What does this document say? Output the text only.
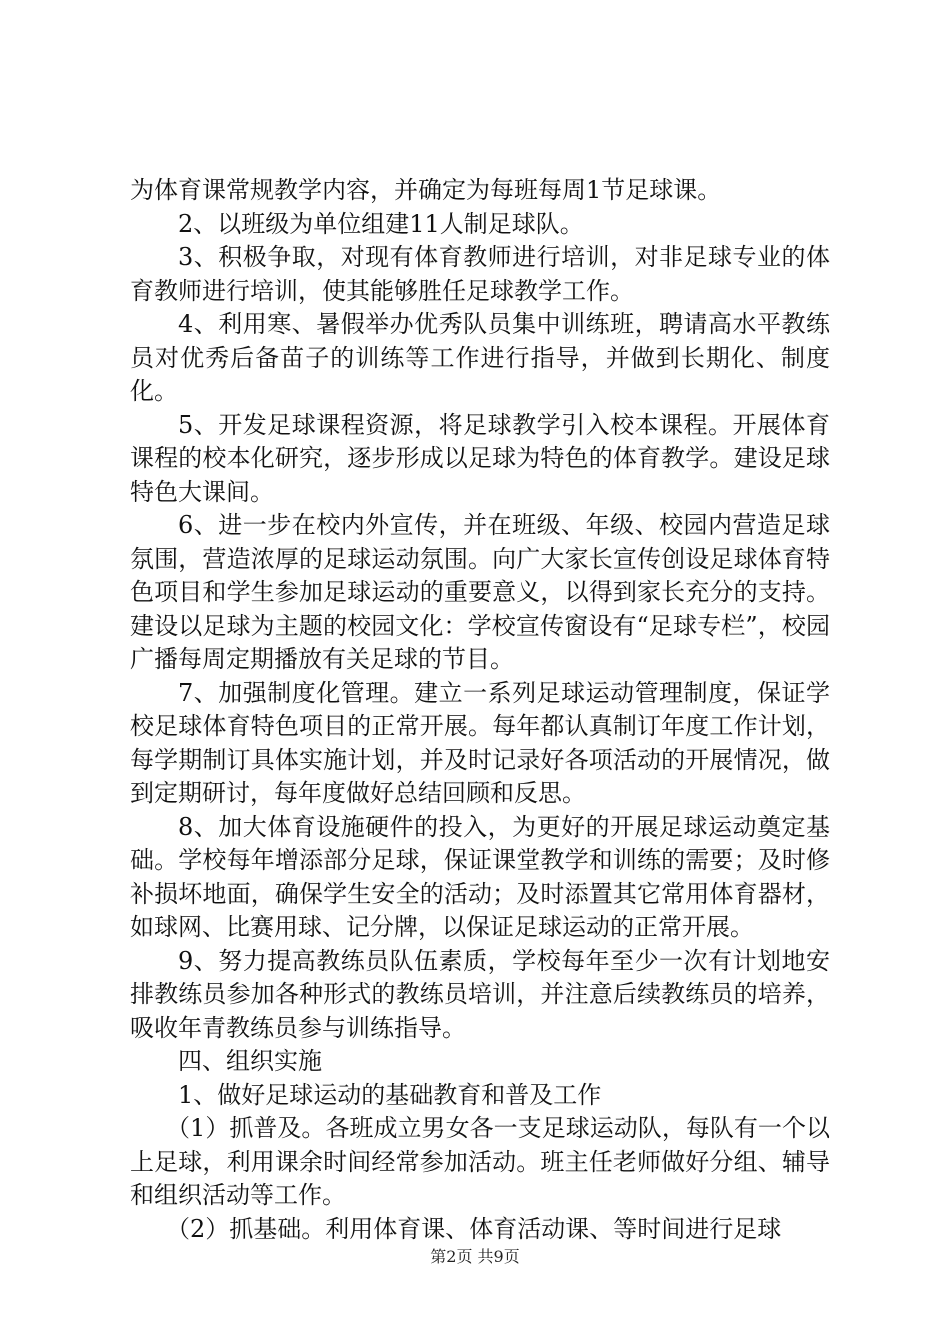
为体育课常规教学内容，并确定为每班每周1节足球课。

2、以班级为单位组建11人制足球队。

3、积极争取，对现有体育教师进行培训，对非足球专业的体育教师进行培训，使其能够胜任足球教学工作。

4、利用寒、暑假举办优秀队员集中训练班，聘请高水平教练员对优秀后备苗子的训练等工作进行指导，并做到长期化、制度化。

5、开发足球课程资源，将足球教学引入校本课程。开展体育课程的校本化研究，逐步形成以足球为特色的体育教学。建设足球特色大课间。

6、进一步在校内外宣传，并在班级、年级、校园内营造足球氛围，营造浓厚的足球运动氛围。向广大家长宣传创设足球体育特色项目和学生参加足球运动的重要意义，以得到家长充分的支持。建设以足球为主题的校园文化：学校宣传窗设有“足球专栏”，校园广播每周定期播放有关足球的节目。

7、加强制度化管理。建立一系列足球运动管理制度，保证学校足球体育特色项目的正常开展。每年都认真制订年度工作计划，每学期制订具体实施计划，并及时记录好各项活动的开展情况，做到定期研讨，每年度做好总结回顾和反思。

8、加大体育设施硬件的投入，为更好的开展足球运动奠定基础。学校每年增添部分足球，保证课堂教学和训练的需要；及时修补损坏地面，确保学生安全的活动；及时添置其它常用体育器材，如球网、比赛用球、记分牌，以保证足球运动的正常开展。

9、努力提高教练员队伍素质，学校每年至少一次有计划地安排教练员参加各种形式的教练员培训，并注意后续教练员的培养，吸收年青教练员参与训练指导。

四、组织实施

1、做好足球运动的基础教育和普及工作

（1）抓普及。各班成立男女各一支足球运动队，每队有一个以上足球，利用课余时间经常参加活动。班主任老师做好分组、辅导和组织活动等工作。

（2）抓基础。利用体育课、体育活动课、等时间进行足球

第2页 共9页
